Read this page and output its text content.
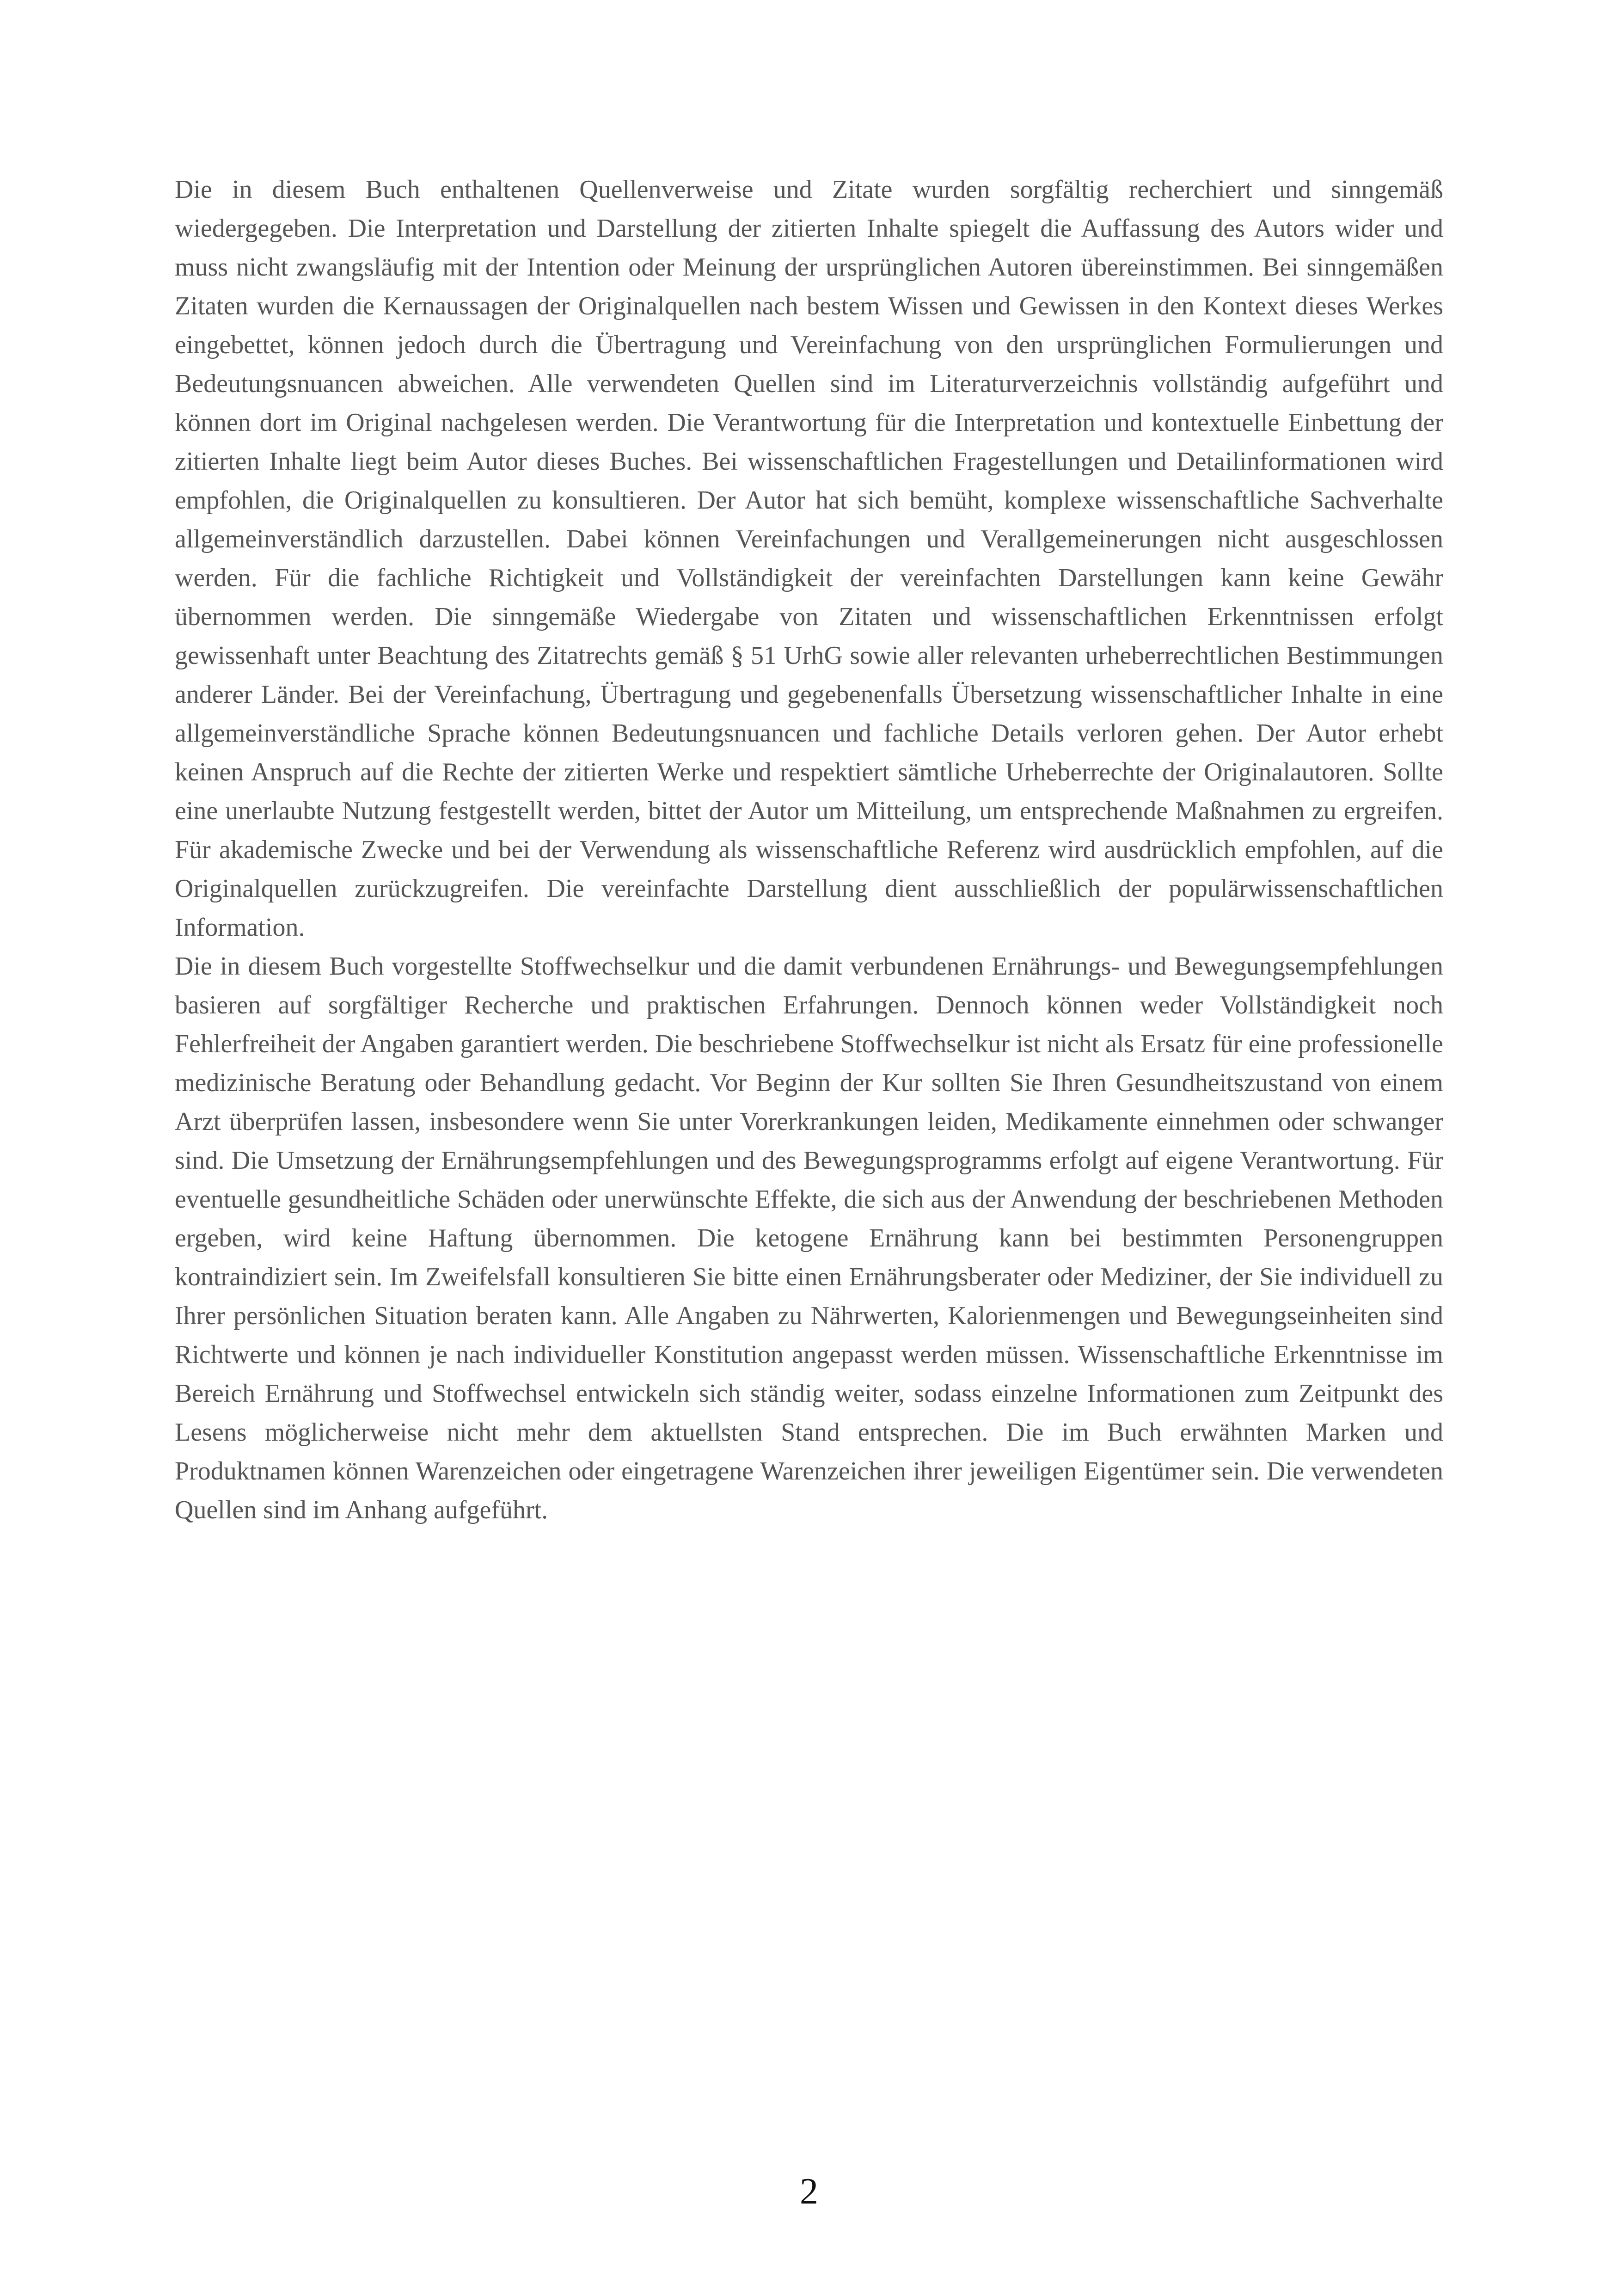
Die in diesem Buch enthaltenen Quellenverweise und Zitate wurden sorgfältig recherchiert und sinngemäß wiedergegeben. Die Interpretation und Darstellung der zitierten Inhalte spiegelt die Auffassung des Autors wider und muss nicht zwangsläufig mit der Intention oder Meinung der ursprünglichen Autoren übereinstimmen. Bei sinngemäßen Zitaten wurden die Kernaussagen der Originalquellen nach bestem Wissen und Gewissen in den Kontext dieses Werkes eingebettet, können jedoch durch die Übertragung und Vereinfachung von den ursprünglichen Formulierungen und Bedeutungsnuancen abweichen. Alle verwendeten Quellen sind im Literaturverzeichnis vollständig aufgeführt und können dort im Original nachgelesen werden. Die Verantwortung für die Interpretation und kontextuelle Einbettung der zitierten Inhalte liegt beim Autor dieses Buches. Bei wissenschaftlichen Fragestellungen und Detailinformationen wird empfohlen, die Originalquellen zu konsultieren. Der Autor hat sich bemüht, komplexe wissenschaftliche Sachverhalte allgemeinverständlich darzustellen. Dabei können Vereinfachungen und Verallgemeinerungen nicht ausgeschlossen werden. Für die fachliche Richtigkeit und Vollständigkeit der vereinfachten Darstellungen kann keine Gewähr übernommen werden. Die sinngemäße Wiedergabe von Zitaten und wissenschaftlichen Erkenntnissen erfolgt gewissenhaft unter Beachtung des Zitatrechts gemäß § 51 UrhG sowie aller relevanten urheberrechtlichen Bestimmungen anderer Länder. Bei der Vereinfachung, Übertragung und gegebenenfalls Übersetzung wissenschaftlicher Inhalte in eine allgemeinverständliche Sprache können Bedeutungsnuancen und fachliche Details verloren gehen. Der Autor erhebt keinen Anspruch auf die Rechte der zitierten Werke und respektiert sämtliche Urheberrechte der Originalautoren. Sollte eine unerlaubte Nutzung festgestellt werden, bittet der Autor um Mitteilung, um entsprechende Maßnahmen zu ergreifen. Für akademische Zwecke und bei der Verwendung als wissenschaftliche Referenz wird ausdrücklich empfohlen, auf die Originalquellen zurückzugreifen. Die vereinfachte Darstellung dient ausschließlich der populärwissenschaftlichen Information.

Die in diesem Buch vorgestellte Stoffwechselkur und die damit verbundenen Ernährungs- und Bewegungsempfehlungen basieren auf sorgfältiger Recherche und praktischen Erfahrungen. Dennoch können weder Vollständigkeit noch Fehlerfreiheit der Angaben garantiert werden. Die beschriebene Stoffwechselkur ist nicht als Ersatz für eine professionelle medizinische Beratung oder Behandlung gedacht. Vor Beginn der Kur sollten Sie Ihren Gesundheitszustand von einem Arzt überprüfen lassen, insbesondere wenn Sie unter Vorerkrankungen leiden, Medikamente einnehmen oder schwanger sind. Die Umsetzung der Ernährungsempfehlungen und des Bewegungsprogramms erfolgt auf eigene Verantwortung. Für eventuelle gesundheitliche Schäden oder unerwünschte Effekte, die sich aus der Anwendung der beschriebenen Methoden ergeben, wird keine Haftung übernommen. Die ketogene Ernährung kann bei bestimmten Personengruppen kontraindiziert sein. Im Zweifelsfall konsultieren Sie bitte einen Ernährungsberater oder Mediziner, der Sie individuell zu Ihrer persönlichen Situation beraten kann. Alle Angaben zu Nährwerten, Kalorienmengen und Bewegungseinheiten sind Richtwerte und können je nach individueller Konstitution angepasst werden müssen. Wissenschaftliche Erkenntnisse im Bereich Ernährung und Stoffwechsel entwickeln sich ständig weiter, sodass einzelne Informationen zum Zeitpunkt des Lesens möglicherweise nicht mehr dem aktuellsten Stand entsprechen. Die im Buch erwähnten Marken und Produktnamen können Warenzeichen oder eingetragene Warenzeichen ihrer jeweiligen Eigentümer sein. Die verwendeten Quellen sind im Anhang aufgeführt.

2
